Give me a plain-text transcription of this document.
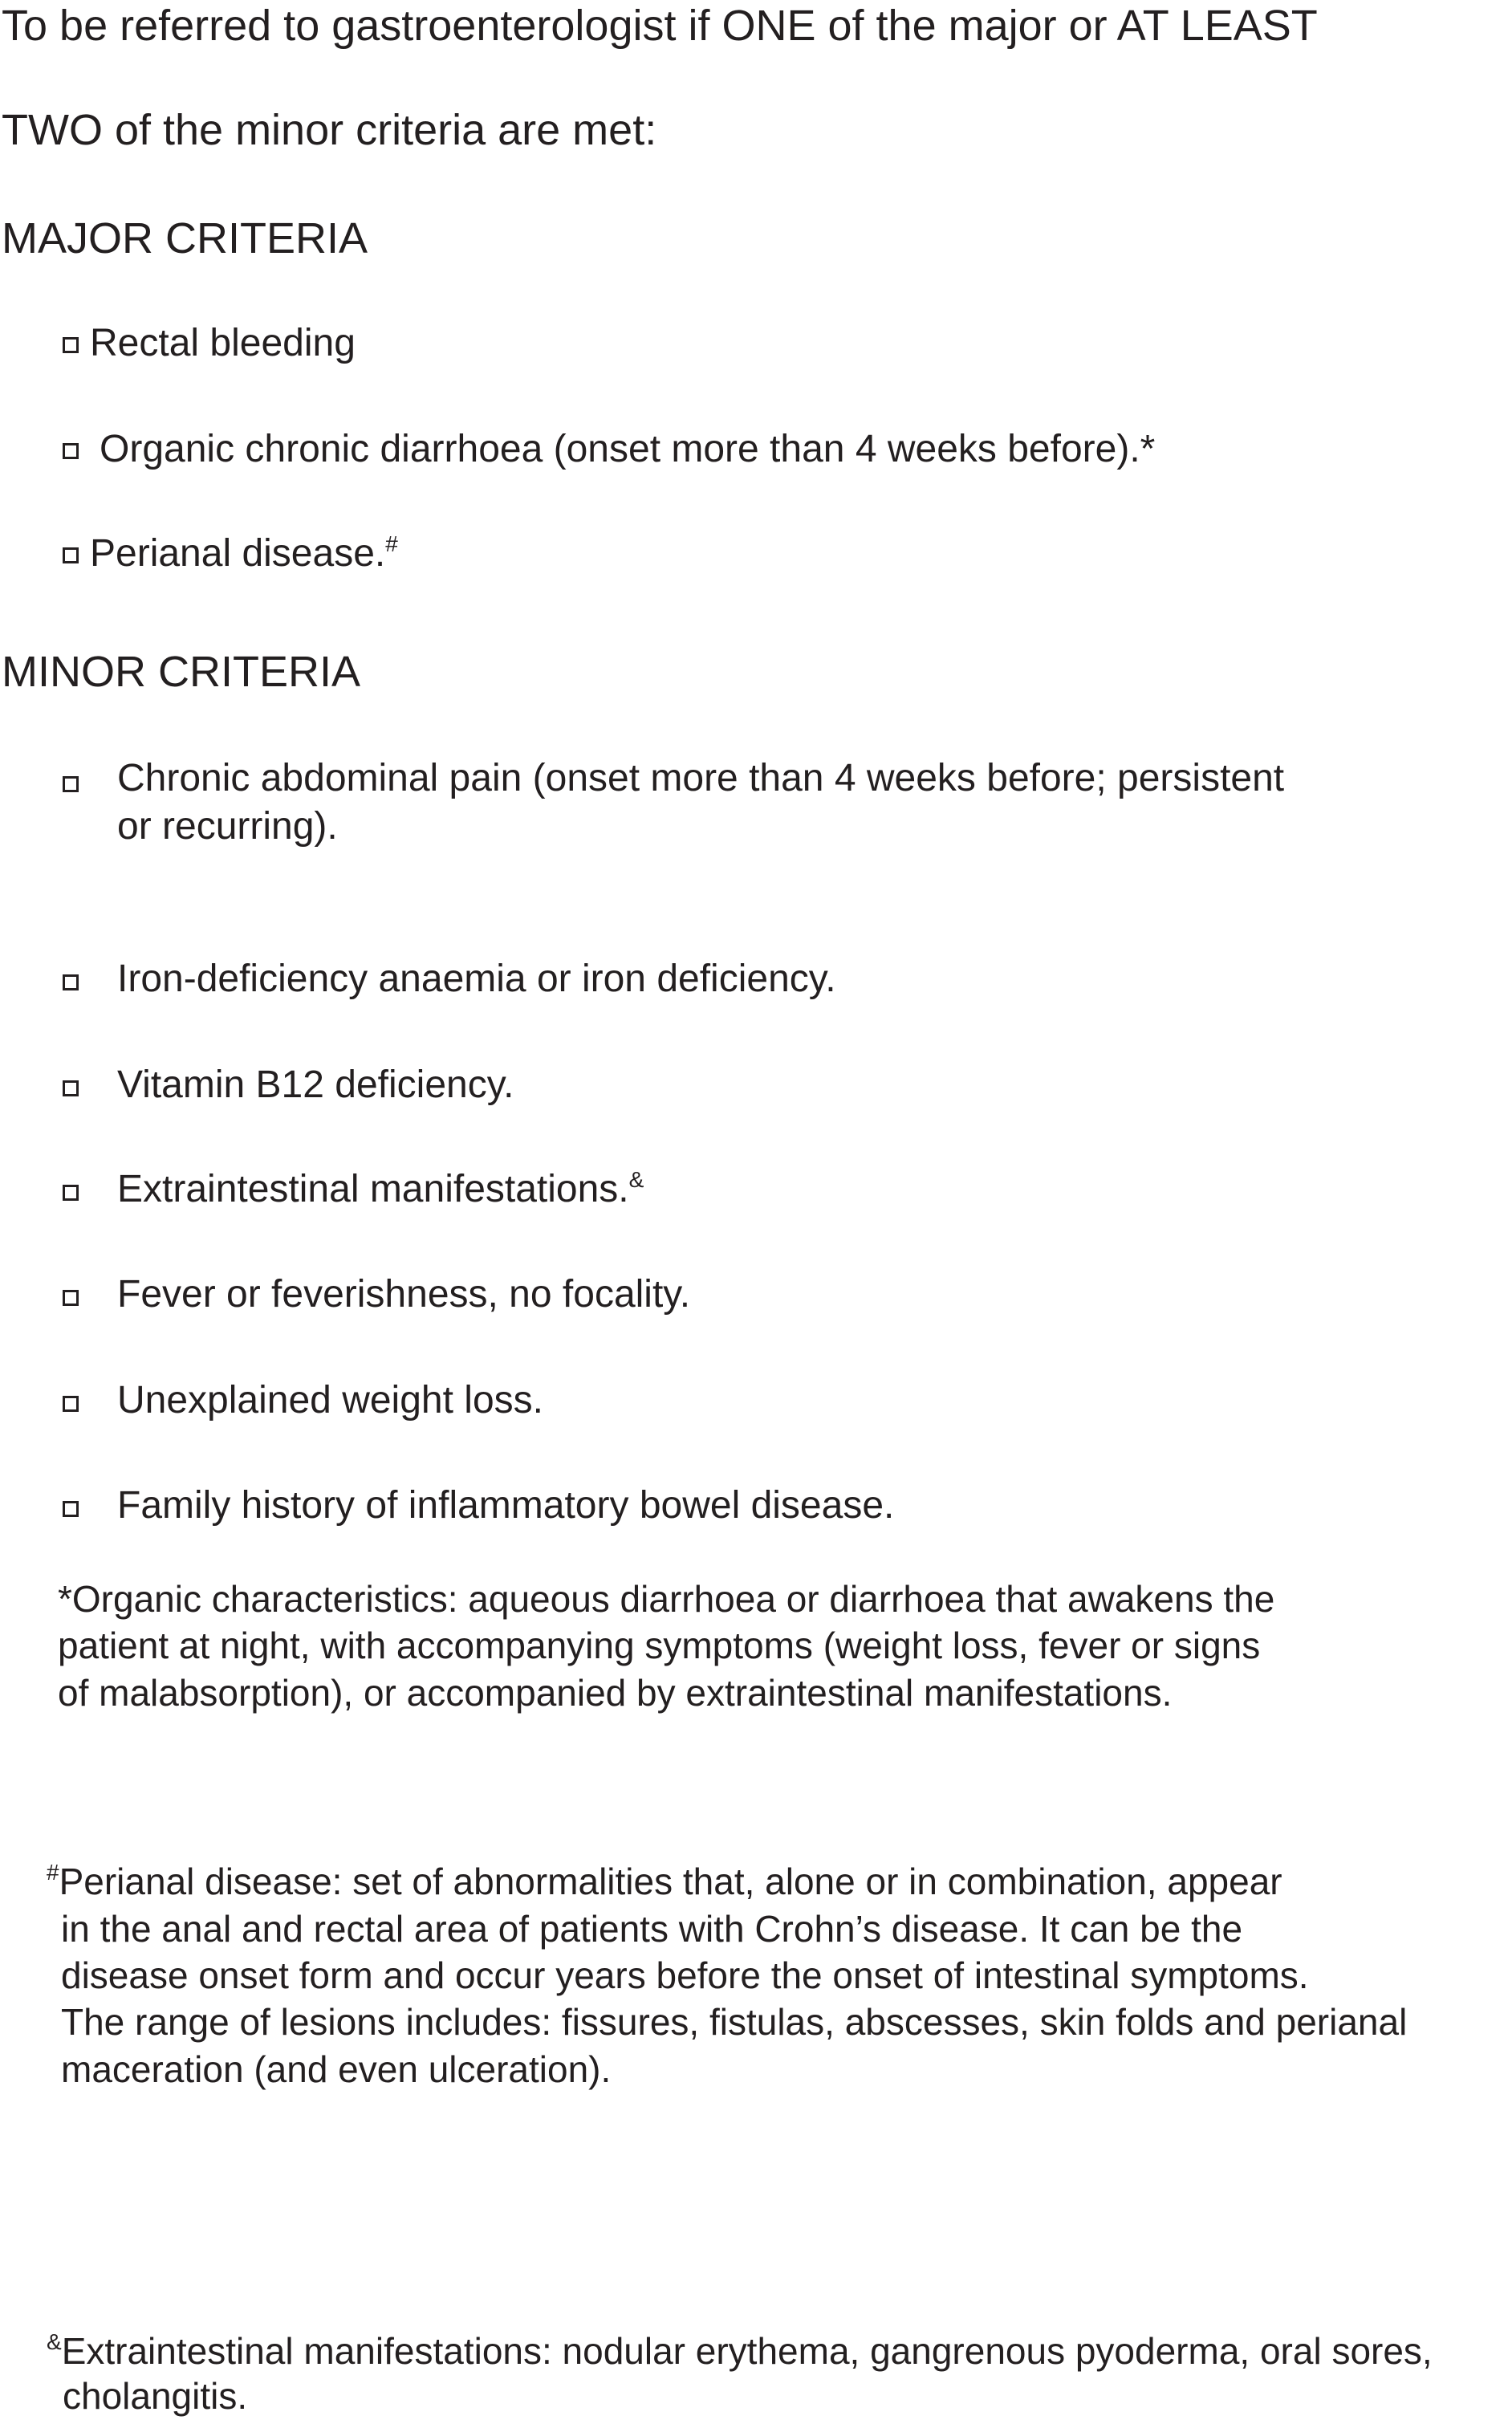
To be referred to gastroenterologist if ONE of the major or AT LEAST

TWO of the minor criteria are met:

MAJOR CRITERIA

Rectal bleeding

Organic chronic diarrhoea (onset more than 4 weeks before).*

Perianal disease.#

MINOR CRITERIA

Chronic abdominal pain (onset more than 4 weeks before; persistent

or recurring).

Iron-deficiency anaemia or iron deficiency.

Vitamin B12 deficiency.

Extraintestinal manifestations.&

Fever or feverishness, no focality.

Unexplained weight loss.

Family history of inflammatory bowel disease.

*Organic characteristics: aqueous diarrhoea or diarrhoea that awakens the

patient at night, with accompanying symptoms (weight loss, fever or signs

of malabsorption), or accompanied by extraintestinal manifestations.

#Perianal disease: set of abnormalities that, alone or in combination, appear

in the anal and rectal area of patients with Crohn’s disease. It can be the

disease onset form and occur years before the onset of intestinal symptoms.

The range of lesions includes: fissures, fistulas, abscesses, skin folds and perianal

maceration (and even ulceration).

&Extraintestinal manifestations: nodular erythema, gangrenous pyoderma, oral sores,

cholangitis.
